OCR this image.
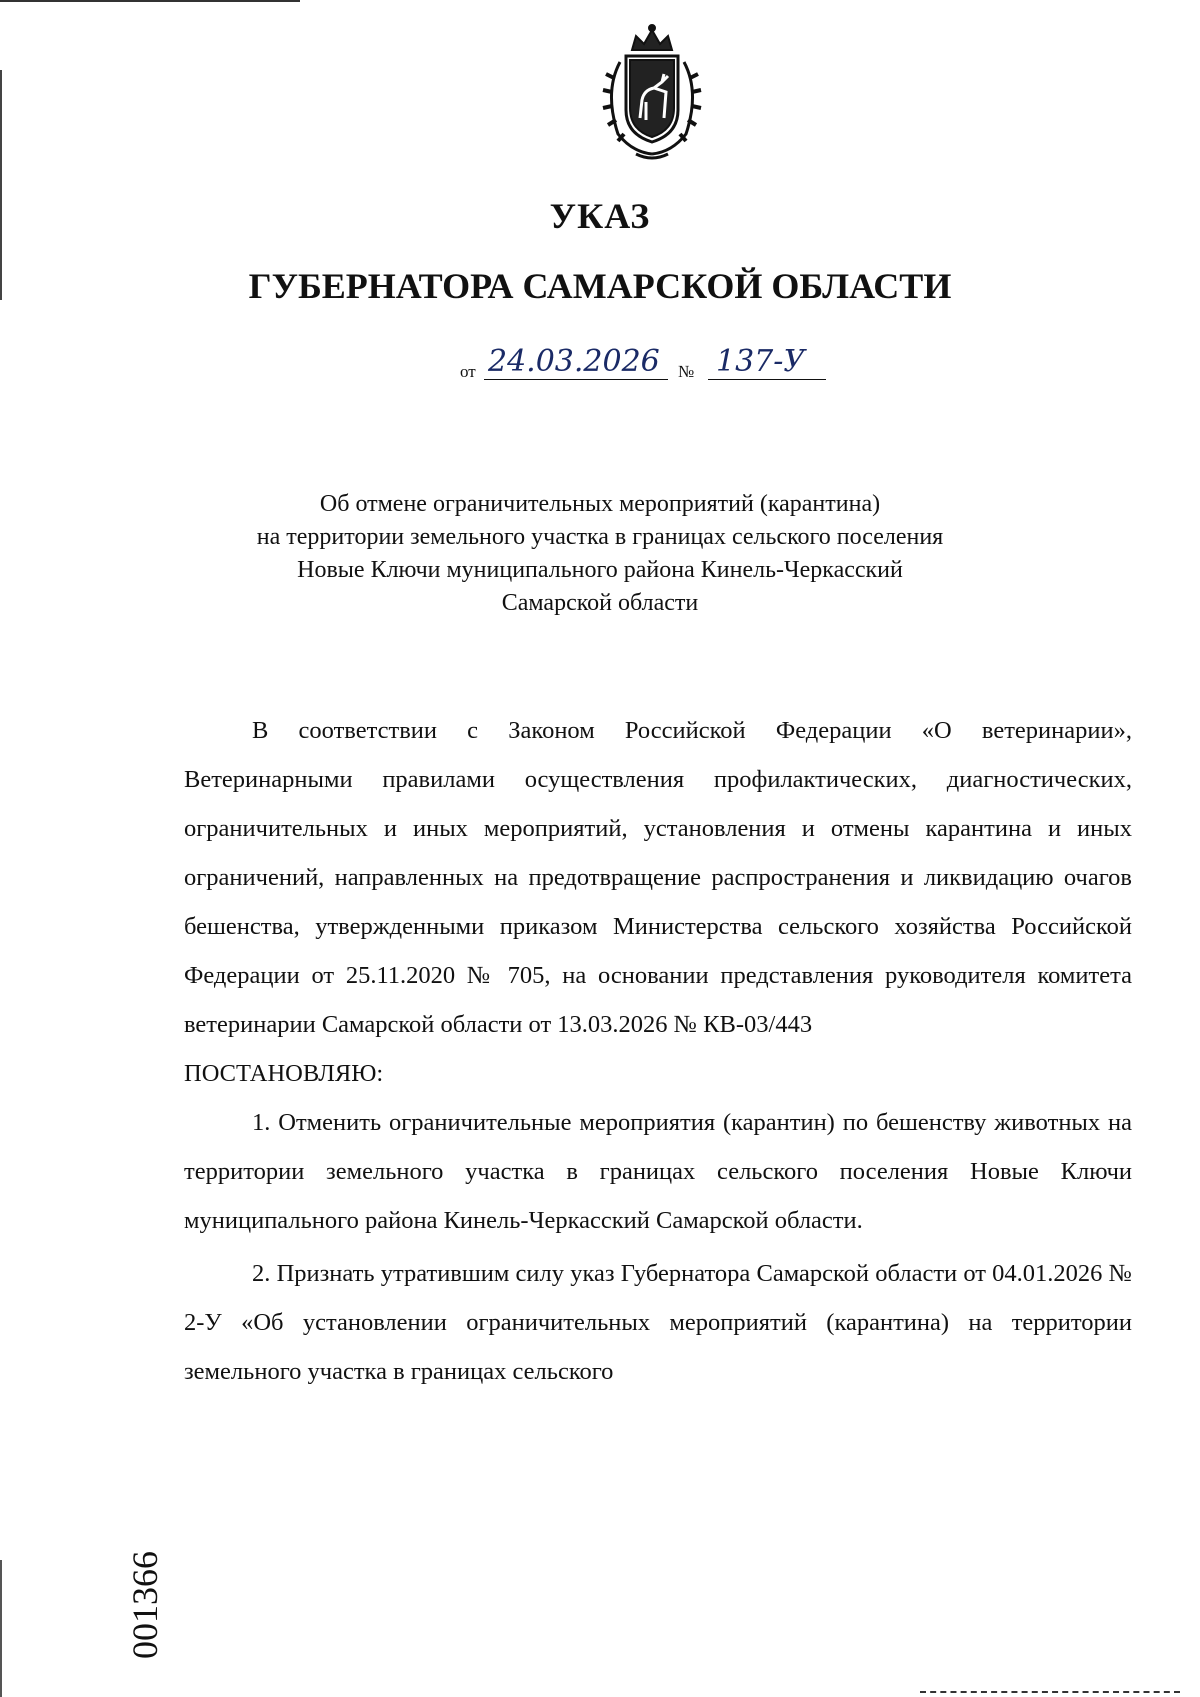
УКАЗ
ГУБЕРНАТОРА САМАРСКОЙ ОБЛАСТИ
от 24.03.2026	№ 137-У
Об отмене ограничительных мероприятий (карантина)
на территории земельного участка в границах сельского поселения
Новые Ключи муниципального района Кинель-Черкасский
Самарской области

В соответствии с Законом Российской Федерации «О ветеринарии», Ветеринарными правилами осуществления профилактических, диагностических, ограничительных и иных мероприятий, установления и отмены карантина и иных ограничений, направленных на предотвращение распространения и ликвидацию очагов бешенства, утвержденными приказом Министерства сельского хозяйства Российской Федерации от 25.11.2020 № 705, на основании представления руководителя комитета ветеринарии Самарской области от 13.03.2026 № КВ-03/443

ПОСТАНОВЛЯЮ:

1. Отменить ограничительные мероприятия (карантин) по бешенству животных на территории земельного участка в границах сельского поселения Новые Ключи муниципального района Кинель-Черкасский Самарской области.

2. Признать утратившим силу указ Губернатора Самарской области от 04.01.2026 № 2-У «Об установлении ограничительных мероприятий (карантина) на территории земельного участка в границах сельского

001366
